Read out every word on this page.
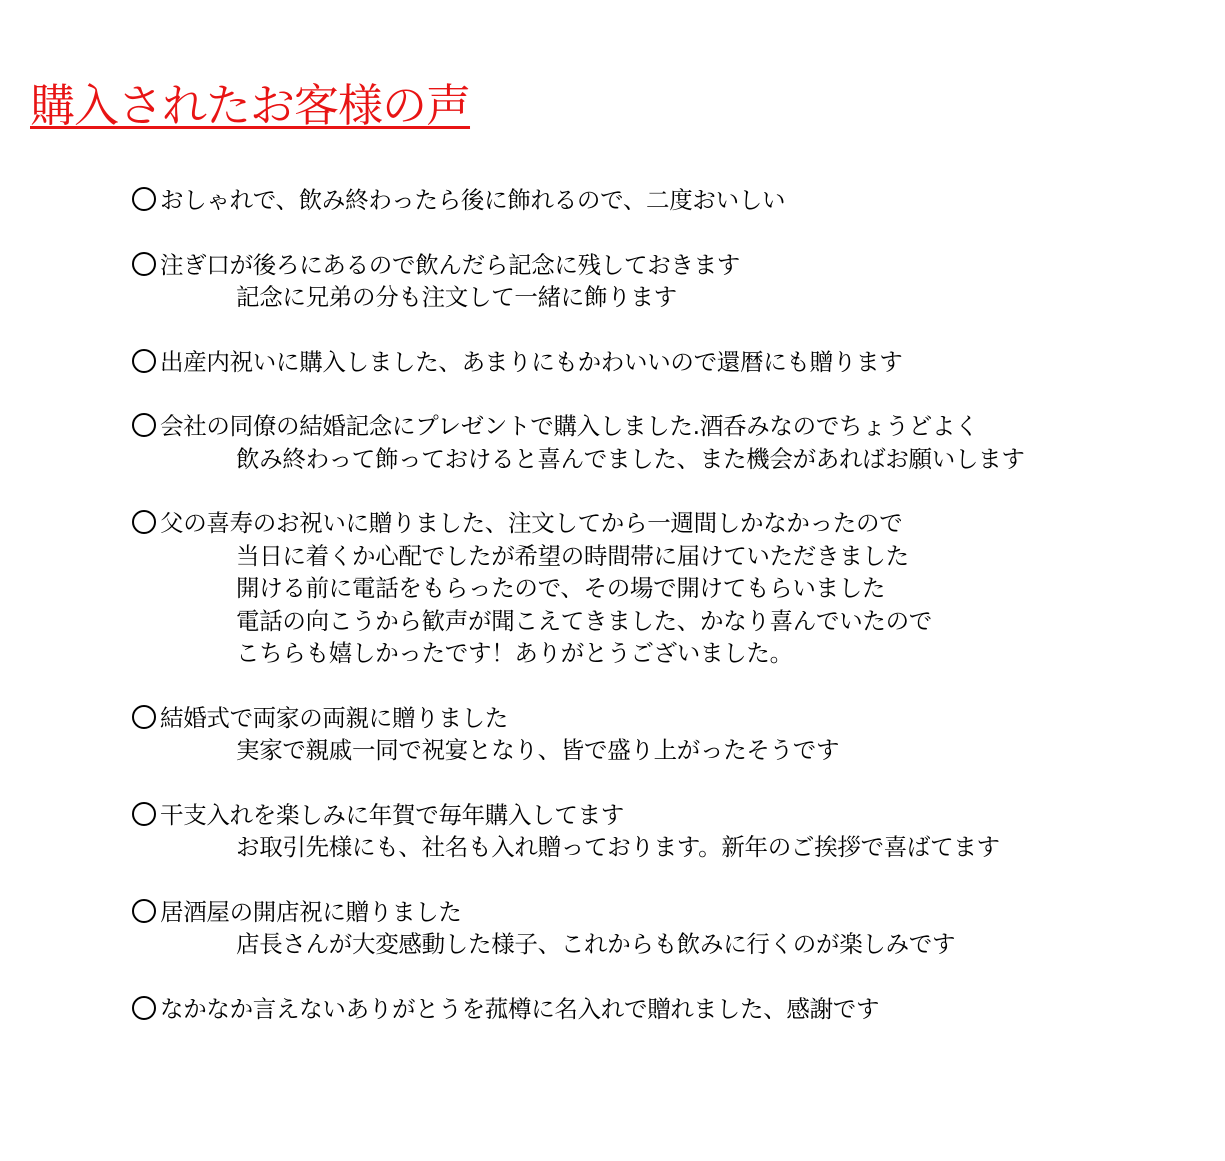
購入されたお客様の声
おしゃれで、飲み終わったら後に飾れるので、二度おいしい
注ぎ口が後ろにあるので飲んだら記念に残しておきます
記念に兄弟の分も注文して一緒に飾ります
出産内祝いに購入しました、あまりにもかわいいので還暦にも贈ります
会社の同僚の結婚記念にプレゼントで購入しました.酒呑みなのでちょうどよく
飲み終わって飾っておけると喜んでました、また機会があればお願いします
父の喜寿のお祝いに贈りました、注文してから一週間しかなかったので
当日に着くか心配でしたが希望の時間帯に届けていただきました
開ける前に電話をもらったので、その場で開けてもらいました
電話の向こうから歓声が聞こえてきました、かなり喜んでいたので
こちらも嬉しかったです！ありがとうございました。
結婚式で両家の両親に贈りました
実家で親戚一同で祝宴となり、皆で盛り上がったそうです
干支入れを楽しみに年賀で毎年購入してます
お取引先様にも、社名も入れ贈っております。新年のご挨拶で喜ばてます
居酒屋の開店祝に贈りました
店長さんが大変感動した様子、これからも飲みに行くのが楽しみです
なかなか言えないありがとうを菰樽に名入れで贈れました、感謝です
